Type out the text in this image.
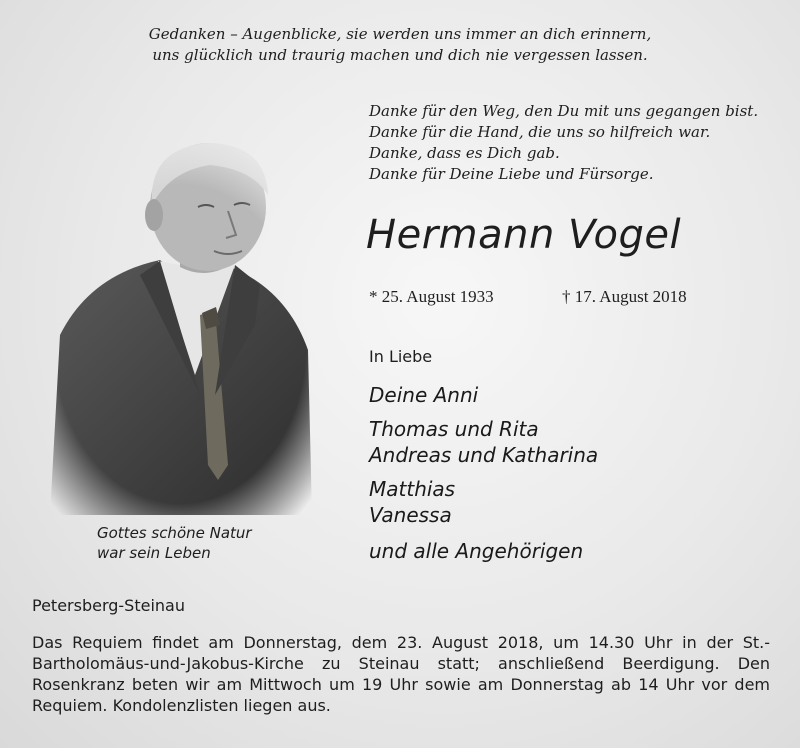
Gedanken – Augenblicke, sie werden uns immer an dich erinnern,
uns glücklich und traurig machen und dich nie vergessen lassen.
Danke für den Weg, den Du mit uns gegangen bist.
Danke für die Hand, die uns so hilfreich war.
Danke, dass es Dich gab.
Danke für Deine Liebe und Fürsorge.
Hermann Vogel
* 25. August 1933	† 17. August 2018
In Liebe
Deine Anni
Thomas und Rita
Andreas und Katharina
Matthias
Vanessa
und alle Angehörigen
Gottes schöne Natur
war sein Leben
Petersberg-Steinau
Das Requiem findet am Donnerstag, dem 23. August 2018, um 14.30 Uhr in der St.-Bartholomäus-und-Jakobus-Kirche zu Steinau statt; anschließend Beerdigung. Den Rosenkranz beten wir am Mittwoch um 19 Uhr sowie am Donnerstag ab 14 Uhr vor dem Requiem. Kondolenzlisten liegen aus.
